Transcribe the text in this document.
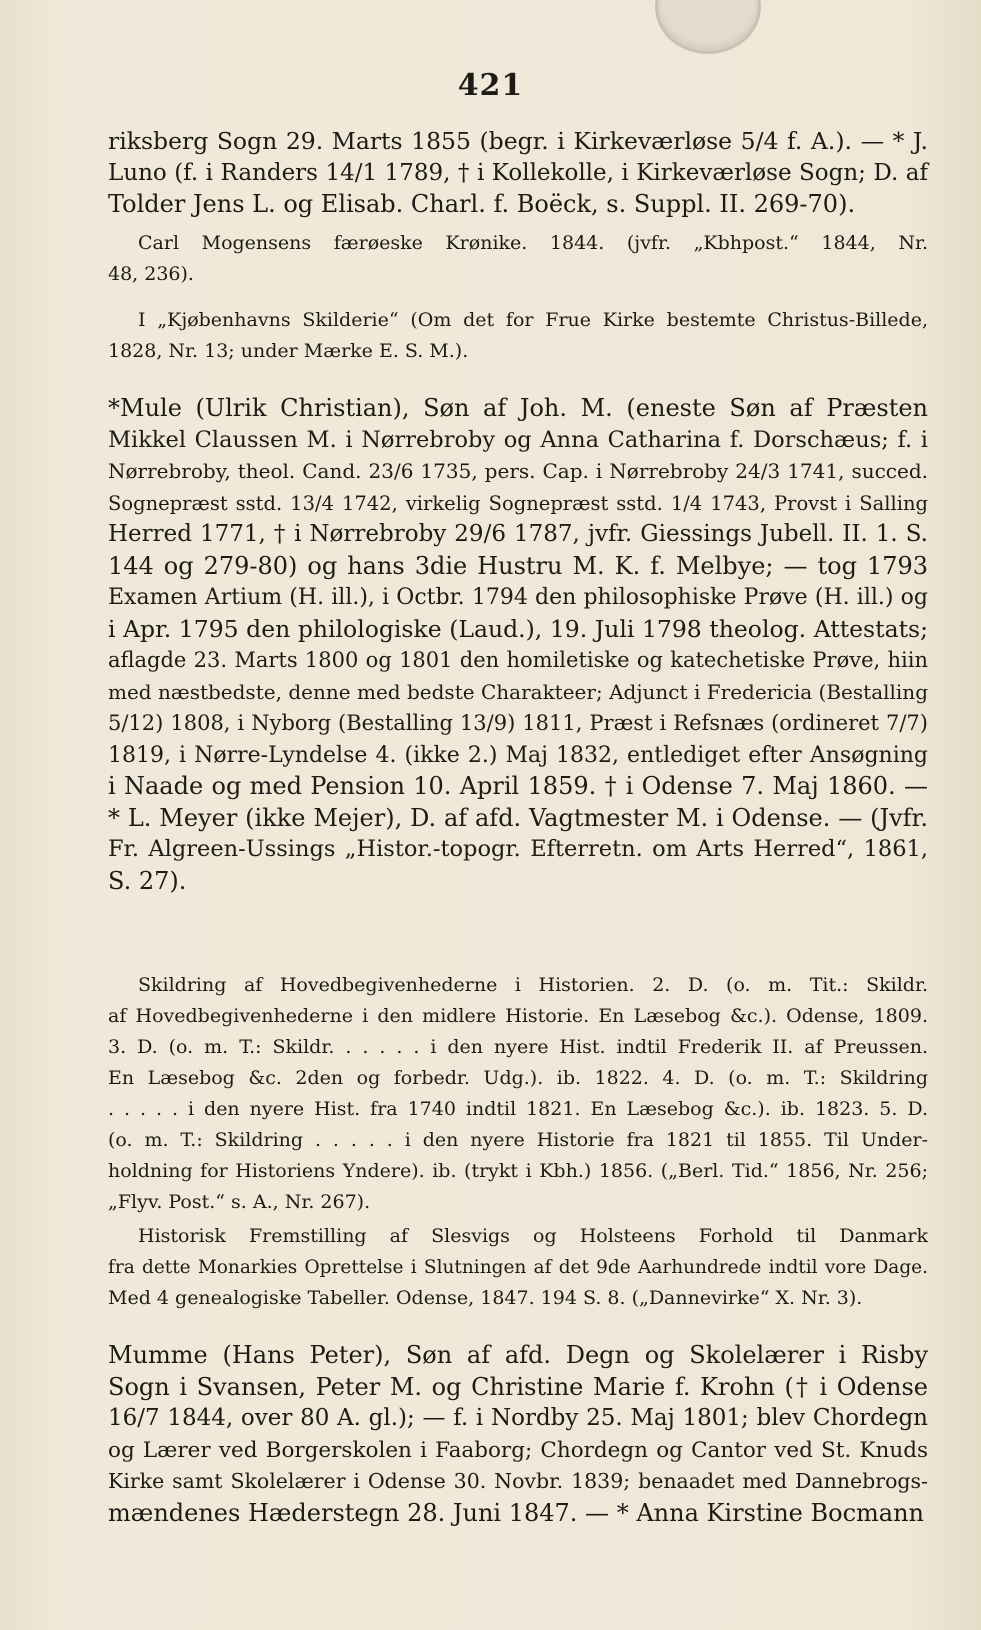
421

riksberg Sogn 29. Marts 1855 (begr. i Kirkeværløse 5/4 f. A.). — * J.

Luno (f. i Randers 14/1 1789, † i Kollekolle, i Kirkeværløse Sogn; D. af

Tolder Jens L. og Elisab. Charl. f. Boëck, s. Suppl. II. 269-70).

Carl Mogensens færøeske Krønike. 1844. (jvfr. „Kbhpost.“ 1844, Nr.

48, 236).

I „Kjøbenhavns Skilderie“ (Om det for Frue Kirke bestemte Christus-Billede,

1828, Nr. 13; under Mærke E. S. M.).

*Mule (Ulrik Christian), Søn af Joh. M. (eneste Søn af Præsten

Mikkel Claussen M. i Nørrebroby og Anna Catharina f. Dorschæus; f. i

Nørrebroby, theol. Cand. 23/6 1735, pers. Cap. i Nørrebroby 24/3 1741, succed.

Sognepræst sstd. 13/4 1742, virkelig Sognepræst sstd. 1/4 1743, Provst i Salling

Herred 1771, † i Nørrebroby 29/6 1787, jvfr. Giessings Jubell. II. 1. S.

144 og 279-80) og hans 3die Hustru M. K. f. Melbye; — tog 1793

Examen Artium (H. ill.), i Octbr. 1794 den philosophiske Prøve (H. ill.) og

i Apr. 1795 den philologiske (Laud.), 19. Juli 1798 theolog. Attestats;

aflagde 23. Marts 1800 og 1801 den homiletiske og katechetiske Prøve, hiin

med næstbedste, denne med bedste Charakteer; Adjunct i Fredericia (Bestalling

5/12) 1808, i Nyborg (Bestalling 13/9) 1811, Præst i Refsnæs (ordineret 7/7)

1819, i Nørre-Lyndelse 4. (ikke 2.) Maj 1832, entlediget efter Ansøgning

i Naade og med Pension 10. April 1859. † i Odense 7. Maj 1860. —

* L. Meyer (ikke Mejer), D. af afd. Vagtmester M. i Odense. — (Jvfr.

Fr. Algreen-Ussings „Histor.-topogr. Efterretn. om Arts Herred“, 1861,

S. 27).

Skildring af Hovedbegivenhederne i Historien. 2. D. (o. m. Tit.: Skildr.

af Hovedbegivenhederne i den midlere Historie. En Læsebog &c.). Odense, 1809.

3. D. (o. m. T.: Skildr. . . . . . i den nyere Hist. indtil Frederik II. af Preussen.

En Læsebog &c. 2den og forbedr. Udg.). ib. 1822. 4. D. (o. m. T.: Skildring

. . . . . i den nyere Hist. fra 1740 indtil 1821. En Læsebog &c.). ib. 1823. 5. D.

(o. m. T.: Skildring . . . . . i den nyere Historie fra 1821 til 1855. Til Under-

holdning for Historiens Yndere). ib. (trykt i Kbh.) 1856. („Berl. Tid.“ 1856, Nr. 256;

„Flyv. Post.“ s. A., Nr. 267).

Historisk Fremstilling af Slesvigs og Holsteens Forhold til Danmark

fra dette Monarkies Oprettelse i Slutningen af det 9de Aarhundrede indtil vore Dage.

Med 4 genealogiske Tabeller. Odense, 1847. 194 S. 8. („Dannevirke“ X. Nr. 3).

Mumme (Hans Peter), Søn af afd. Degn og Skolelærer i Risby

Sogn i Svansen, Peter M. og Christine Marie f. Krohn († i Odense

16/7 1844, over 80 A. gl.); — f. i Nordby 25. Maj 1801; blev Chordegn

og Lærer ved Borgerskolen i Faaborg; Chordegn og Cantor ved St. Knuds

Kirke samt Skolelærer i Odense 30. Novbr. 1839; benaadet med Dannebrogs-

mændenes Hæderstegn 28. Juni 1847. — * Anna Kirstine Bocmann
